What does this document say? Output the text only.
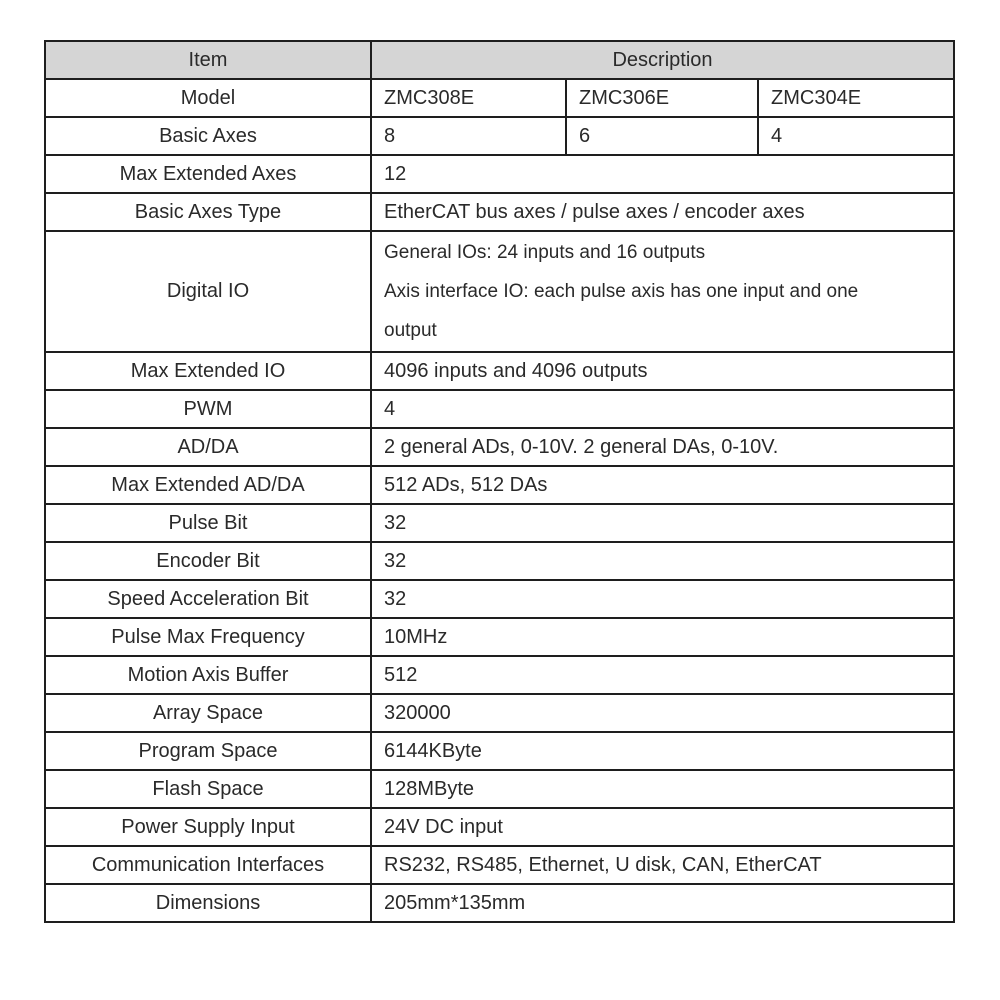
Item	Description		
Model	ZMC308E	ZMC306E	ZMC304E
Basic Axes	8	6	4
Max Extended Axes	12		
Basic Axes Type	EtherCAT bus axes / pulse axes / encoder axes		
Digital IO	General IOs: 24 inputs and 16 outputs
Axis interface IO: each pulse axis has one input and one
output		

Max Extended IO	4096 inputs and 4096 outputs		
PWM	4		
AD/DA	2 general ADs, 0-10V. 2 general DAs, 0-10V.		
Max Extended AD/DA	512 ADs, 512 DAs		
Pulse Bit	32		
Encoder Bit	32		
Speed Acceleration Bit	32		
Pulse Max Frequency	10MHz		
Motion Axis Buffer	512		
Array Space	320000		
Program Space	6144KByte		
Flash Space	128MByte		
Power Supply Input	24V DC input		
Communication Interfaces	RS232, RS485, Ethernet, U disk, CAN, EtherCAT		
Dimensions	205mm*135mm		
